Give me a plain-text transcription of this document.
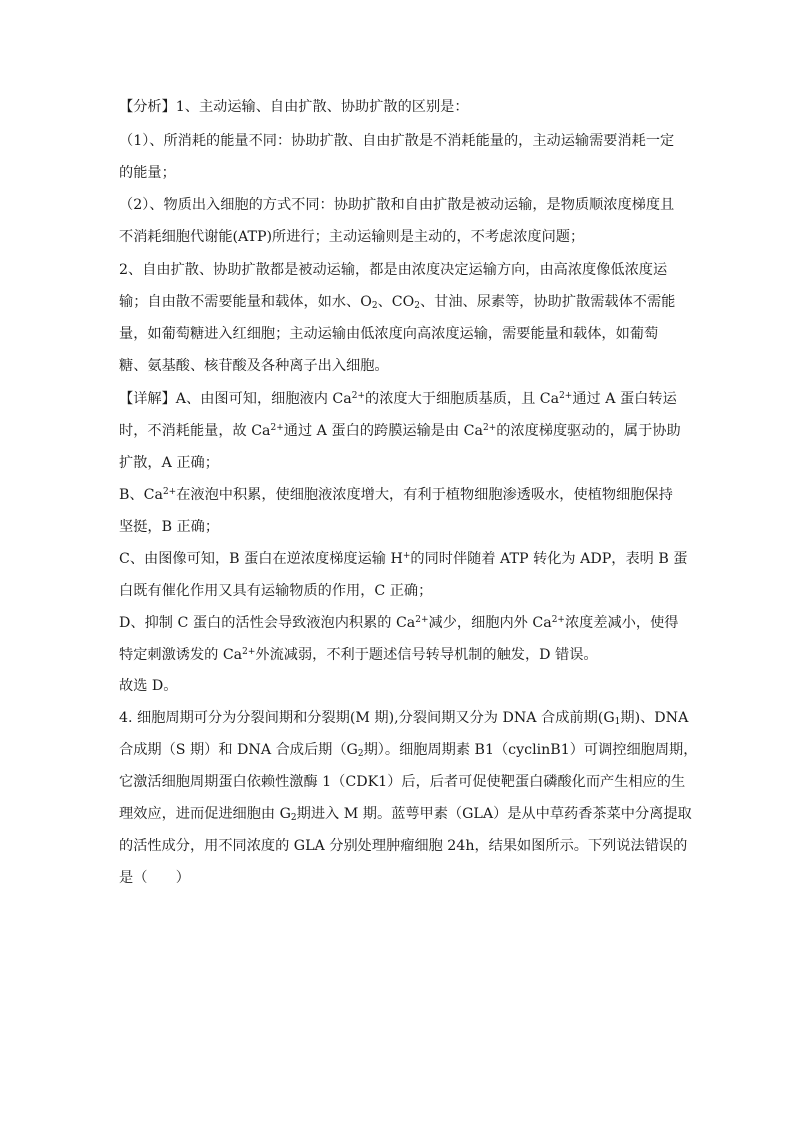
【分析】1、主动运输、自由扩散、协助扩散的区别是：
（1）、所消耗的能量不同：协助扩散、自由扩散是不消耗能量的，主动运输需要消耗一定
的能量；
（2）、物质出入细胞的方式不同：协助扩散和自由扩散是被动运输，是物质顺浓度梯度且
不消耗细胞代谢能(ATP)所进行；主动运输则是主动的，不考虑浓度问题；
2、自由扩散、协助扩散都是被动运输，都是由浓度决定运输方向，由高浓度像低浓度运
输；自由散不需要能量和载体，如水、$O_2$、$CO_2$、甘油、尿素等，协助扩散需载体不需能
量，如葡萄糖进入红细胞；主动运输由低浓度向高浓度运输，需要能量和载体，如葡萄
糖、氨基酸、核苷酸及各种离子出入细胞。
【详解】A、由图可知，细胞液内 $Ca^{2+}$的浓度大于细胞质基质，且 $Ca^{2+}$通过 A 蛋白转运
时，不消耗能量，故 $Ca^{2+}$通过 A 蛋白的跨膜运输是由 $Ca^{2+}$的浓度梯度驱动的，属于协助
扩散，A 正确；
B、$Ca^{2+}$在液泡中积累，使细胞液浓度增大，有利于植物细胞渗透吸水，使植物细胞保持
坚挺，B 正确；
C、由图像可知，B 蛋白在逆浓度梯度运输 H+的同时伴随着 ATP 转化为 ADP，表明 B 蛋
白既有催化作用又具有运输物质的作用，C 正确；
D、抑制 C 蛋白的活性会导致液泡内积累的 $Ca^{2+}$减少，细胞内外 $Ca^{2+}$浓度差减小，使得
特定刺激诱发的 $Ca^{2+}$外流减弱，不利于题述信号转导机制的触发，D 错误。
故选 D。
4. 细胞周期可分为分裂间期和分裂期(M 期),分裂间期又分为 DNA 合成前期($G_1$期)、DNA
合成期（S 期）和 DNA 合成后期（$G_2$期）。细胞周期素 B1（cyclinB1）可调控细胞周期，
它激活细胞周期蛋白依赖性激酶 1（CDK1）后，后者可促使靶蛋白磷酸化而产生相应的生
理效应，进而促进细胞由 $G_2$期进入 M 期。蓝萼甲素（GLA）是从中草药香茶菜中分离提取
的活性成分，用不同浓度的 GLA 分别处理肿瘤细胞 24h，结果如图所示。下列说法错误的
是（　　）
